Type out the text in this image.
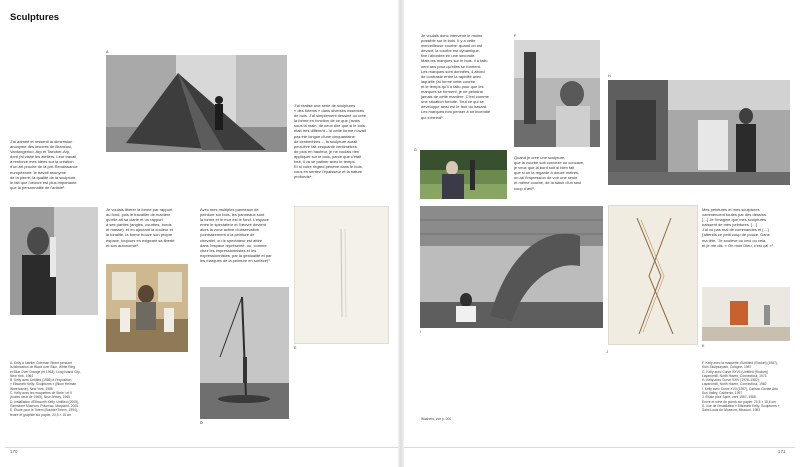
Sculptures
A
J'ai admiré et ressenti la dimension
anonyme des œuvres de Brancusi,
Vantongerloo, Arp et Taeuber-Arp,
dont j'ai visité les ateliers. Leur travail
a renforcé mes idées sur la création
d'un art proche de la pré-Renaissance
européenne: le travail anonyme
de la pierre, la qualité de la sculpture,
le fait que l'œuvre est plus importante
que la personnalité de l'artiste¹.
Je voulais libérer la forme par rapport
au fond, puis le travailler de manière
qu'elle ait sa clarté et un rapport
à ses parties (angles, courbes, bords
et masse); et en ajoutant la couleur et
la tonalité, la forme trouve son propre
espace, toujours en exigeant sa liberté
et son autonomie².
Avec mes multiples panneaux de
peinture sur bois, les panneaux sont
la forme et le mur est le fond. L'espace
entre le spectateur et l'œuvre devient
alors la zone active d'observation
(contrairement à la peinture de
chevalet, où le spectateur est attiré
dans l'espace représenté, ou, comme
chez les impressionnistes et les
expressionnistes, par la gestualité et par
les marques de la peinture en surface)³.
J'ai réalisé une série de sculptures
« des totems » dans diverses essences
de bois. J'ai simplement dessiné ou créé
la forme en fonction de ce que j'avais
sous la main, de ceux dire que si le bois
était très différent – si cette forme n'avait
pas été longue d'une cinquantaine
de centimètres –, la sculpture aurait
peut-être fait cinquante centimètres
de plus en hauteur, je ne voulais rien
appliquer sur le bois, parce que c'était
tout, il va se patiner avec le temps.
Et si votre regard pénètre dans le bois,
vous en sentez l'épaisseur et la nature
profonde⁴.
D
E
A. Kelly à l'atelier Coleman Street pendant
la fabrication de Black over Blue, White Ring
et Blue Over Orange (et 1963), Long Island City,
New York, 1964
B. Kelly avec Untitled (1986) à l'exposition
« Ellsworth Kelly: Sculptures » (Blum Helman
Warehouse), New York, 1986
C. Kelly avec les maquettes de Stele I et II
(toutes deux de 1965), New Jersey, 1965
D. Installation d'Ellsworth Kelly, Untitled (2005),
Glenstone Museum, Potomac, Maryland, 2005
E. Étude pour le Totem (Boulder Totem, 1994),
feutre et graphite sur papier, 20,5 × 15 cm
170
Je voulais donc intervenir le moins
possible sur le bois. Il y a cette
merveilleuse courbe: quand on est
devant, la courbe est dynamique,
fixe l'abordée en une seconde.
Mais les marques sur le bois, il a fallu
cent ans pour qu'elles se forment.
Les marques sont données, il abord
de contraste entre la rapidité avec
laquelle j'ai formé cette courbe
et le temps qu'il a fallu pour que les
marques se forment, je ne peindrai
jamais de cette manière. C'est comme
une situation fortuite. Tout ce qui se
développe ainsi est le fruit du hasard.
Les marques font penser à un incendie
qui s'éteind⁵.
F
G
Quand je crée une sculpture,
que la courbe soit convexe ou concave,
je veux que la bord soit si bien fait
que si on la regarde à douze mètres,
on ait l'impression de voir une seule
et même courbe, de la saisir d'un seul
coup d'œil⁶.
H
I
J
Mes peintures et mes sculptures
commencent toutes par des dessins.
[…] Je l'imagine que mes sculptures
naissent de mes peintures. […]
J'ai vu pas mal de commandes et […]
j'attends ce petit coup de pouce. Dans
ma tête, 'Je soulève ou ceci ou cela,
et je me dis: « Oh mon Dieu, c'est ça! »⁷
K
Washers, voir p. 000
F. Kelly avec la maquette d'Untitled (Rocket) (1987),
Köln Skulpturpark, Cologne, 1987
G. Kelly avec Curve XXVII (Untitled (Rocket))
Layanomill, North Haven, Connecticut, 1973
H. Kelly avec Curve XXIV (1978–1982),
Layanomill, North Haven, Connecticut, 1982
I. Kelly avec Curve XVII (1997), Carlson-Gorlan Arts
Sun Valley, Californie, 1997
J. Étude pour Spire, vers 1967–1968,
Encre et mine de plomb sur papier, 20,5 × 15,6 cm
K. Vue de l'installation « Ellsworth Kelly: Sculptures »,
Saint Louis Art Museum, Missouri, 1983
171
